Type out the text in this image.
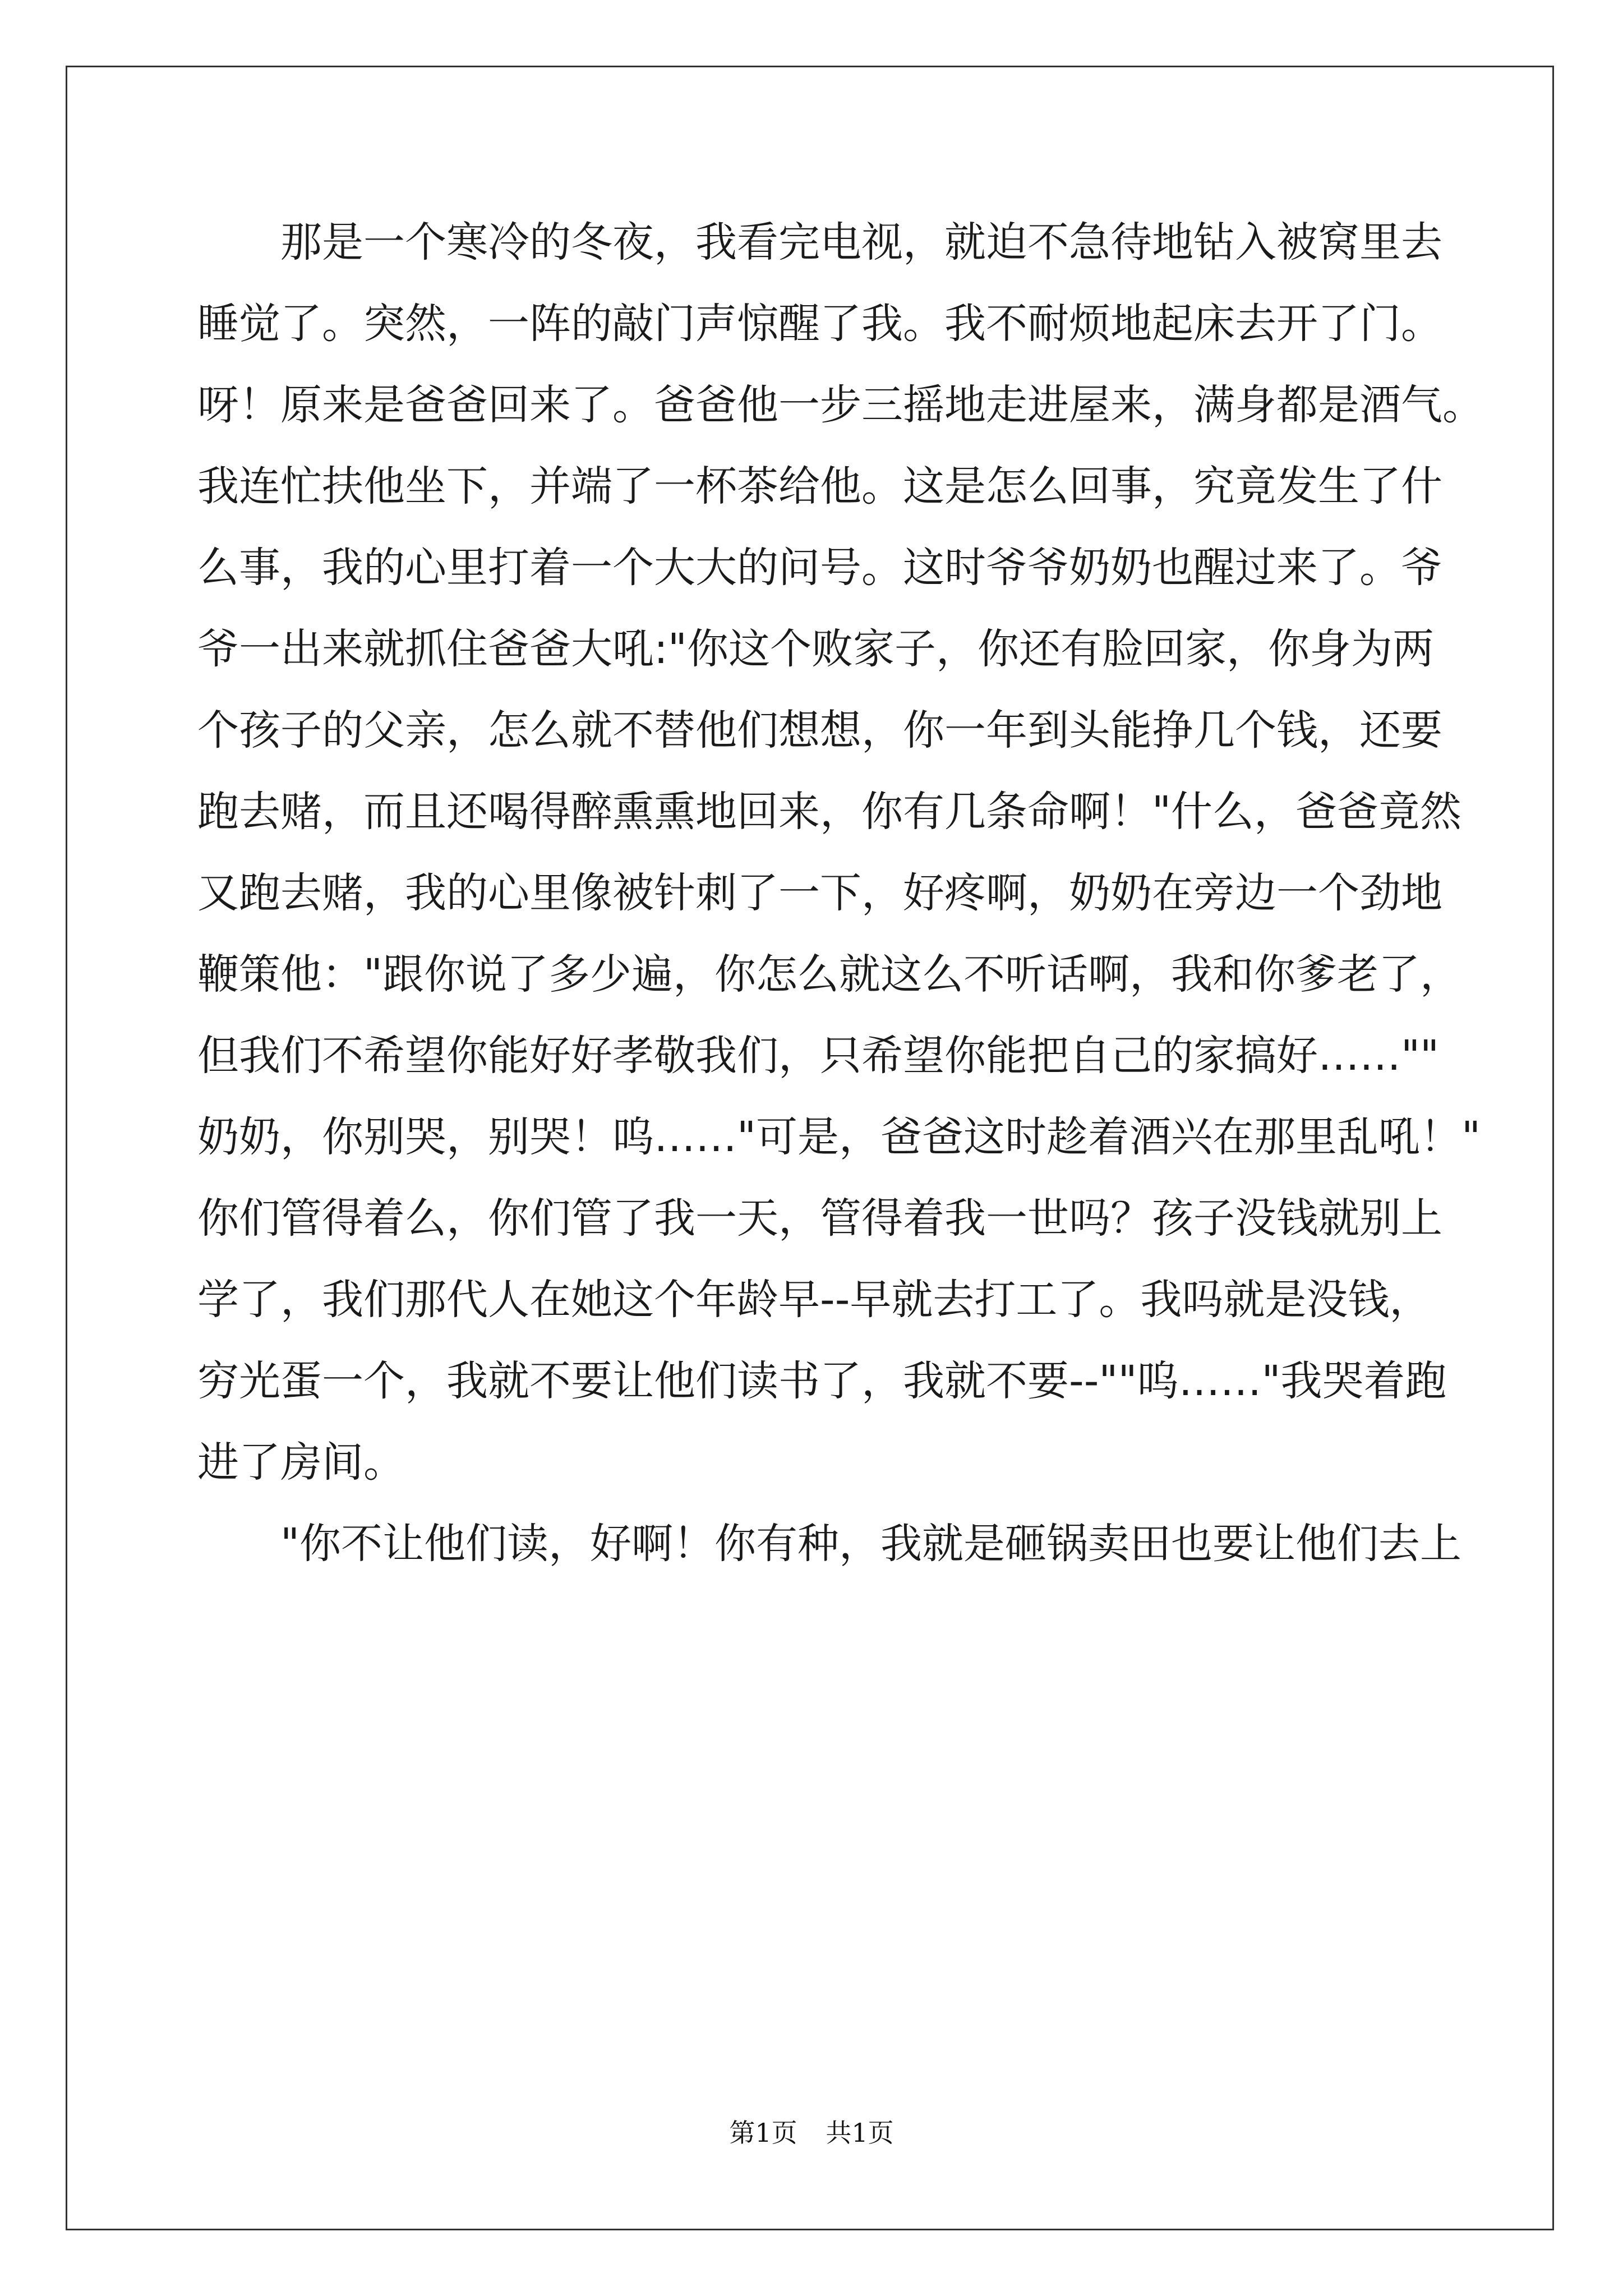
那是一个寒冷的冬夜，我看完电视，就迫不急待地钻入被窝里去
睡觉了。突然，一阵的敲门声惊醒了我。我不耐烦地起床去开了门。
呀！原来是爸爸回来了。爸爸他一步三摇地走进屋来，满身都是酒气。
我连忙扶他坐下，并端了一杯茶给他。这是怎么回事，究竟发生了什
么事，我的心里打着一个大大的问号。这时爷爷奶奶也醒过来了。爷
爷一出来就抓住爸爸大吼:"你这个败家子，你还有脸回家，你身为两
个孩子的父亲，怎么就不替他们想想，你一年到头能挣几个钱，还要
跑去赌，而且还喝得醉熏熏地回来，你有几条命啊！"什么，爸爸竟然
又跑去赌，我的心里像被针刺了一下，好疼啊，奶奶在旁边一个劲地
鞭策他："跟你说了多少遍，你怎么就这么不听话啊，我和你爹老了，
但我们不希望你能好好孝敬我们，只希望你能把自己的家搞好……""
奶奶，你别哭，别哭！呜……"可是，爸爸这时趁着酒兴在那里乱吼！"
你们管得着么，你们管了我一天，管得着我一世吗？孩子没钱就别上
学了，我们那代人在她这个年龄早--早就去打工了。我吗就是没钱，
穷光蛋一个，我就不要让他们读书了，我就不要--""呜……"我哭着跑
进了房间。
"你不让他们读，好啊！你有种，我就是砸锅卖田也要让他们去上
第1页 共1页
